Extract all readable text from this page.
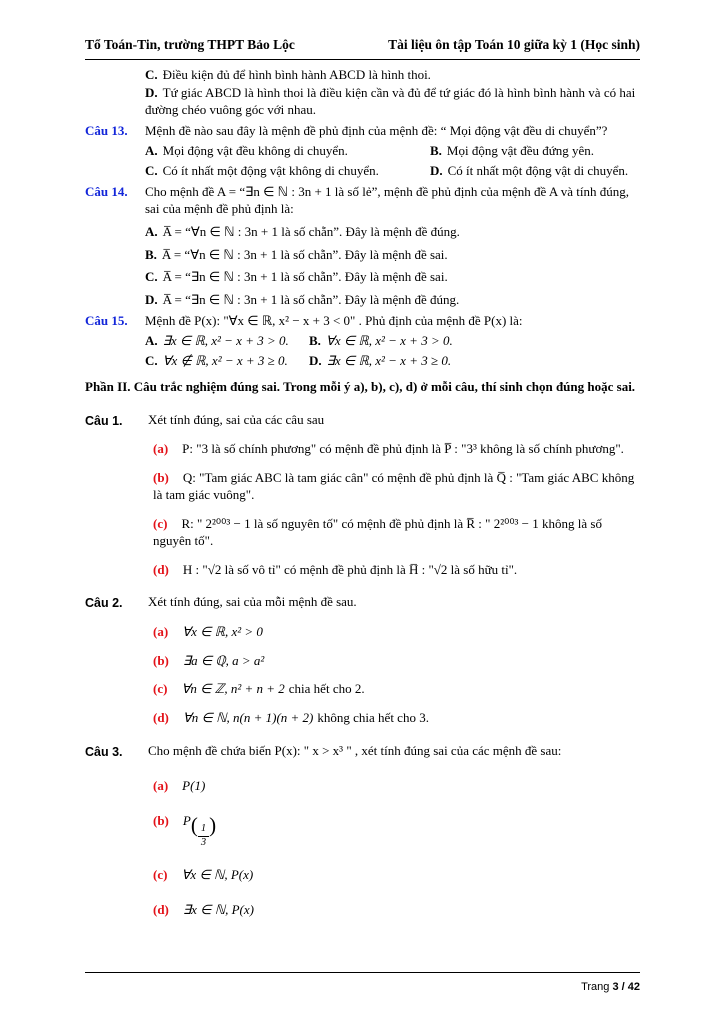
Tổ Toán-Tin, trường THPT Bảo Lộc	Tài liệu ôn tập Toán 10 giữa kỳ 1 (Học sinh)
C. Điều kiện đủ để hình bình hành ABCD là hình thoi.
D. Tứ giác ABCD là hình thoi là điều kiện cần và đủ để tứ giác đó là hình bình hành và có hai đường chéo vuông góc với nhau.
Câu 13.	Mệnh đề nào sau đây là mệnh đề phủ định của mệnh đề: “ Mọi động vật đều di chuyển”?
A. Mọi động vật đều không di chuyển.	B. Mọi động vật đều đứng yên.
C. Có ít nhất một động vật không di chuyển.	D. Có ít nhất một động vật di chuyển.
Câu 14.	Cho mệnh đề A = “∃n ∈ ℕ : 3n + 1 là số lẻ”, mệnh đề phủ định của mệnh đề A và tính đúng, sai của mệnh đề phủ định là:
A. A̅ = “∀n ∈ ℕ : 3n + 1 là số chẵn”. Đây là mệnh đề đúng.
B. A̅ = “∀n ∈ ℕ : 3n + 1 là số chẵn”. Đây là mệnh đề sai.
C. A̅ = “∃n ∈ ℕ : 3n + 1 là số chẵn”. Đây là mệnh đề sai.
D. A̅ = “∃n ∈ ℕ : 3n + 1 là số chẵn”. Đây là mệnh đề đúng.
Câu 15.	Mệnh đề P(x): "∀x ∈ ℝ, x² − x + 3 < 0" . Phủ định của mệnh đề P(x) là:
A. ∃x ∈ ℝ, x² − x + 3 > 0.	B. ∀x ∈ ℝ, x² − x + 3 > 0.
C. ∀x ∉ ℝ, x² − x + 3 ≥ 0.	D. ∃x ∈ ℝ, x² − x + 3 ≥ 0.

Phần II. Câu trắc nghiệm đúng sai. Trong mỗi ý a), b), c), d) ở mỗi câu, thí sinh chọn đúng hoặc sai.

Câu 1.	Xét tính đúng, sai của các câu sau
(a) P: "3 là số chính phương" có mệnh đề phủ định là P̅ : "3³ không là số chính phương".
(b) Q: "Tam giác ABC là tam giác cân" có mệnh đề phủ định là Q̅ : "Tam giác ABC không là tam giác vuông".
(c) R: " 2²⁰⁰³ − 1 là số nguyên tố" có mệnh đề phủ định là R̅ : " 2²⁰⁰³ − 1 không là số nguyên tố".
(d) H : "√2 là số vô tỉ" có mệnh đề phủ định là H̅ : "√2 là số hữu tỉ".
Câu 2.	Xét tính đúng, sai của mỗi mệnh đề sau.
(a) ∀x ∈ ℝ, x² > 0
(b) ∃a ∈ ℚ, a > a²
(c) ∀n ∈ ℤ, n² + n + 2 chia hết cho 2.
(d) ∀n ∈ ℕ, n(n + 1)(n + 2) không chia hết cho 3.
Câu 3.	Cho mệnh đề chứa biến P(x): " x > x³ " , xét tính đúng sai của các mệnh đề sau:
(a) P(1)
(b) $P( \frac{1}{3}$ )
(c) ∀x ∈ ℕ, P(x)
(d) ∃x ∈ ℕ, P(x)
Trang 3 / 42
